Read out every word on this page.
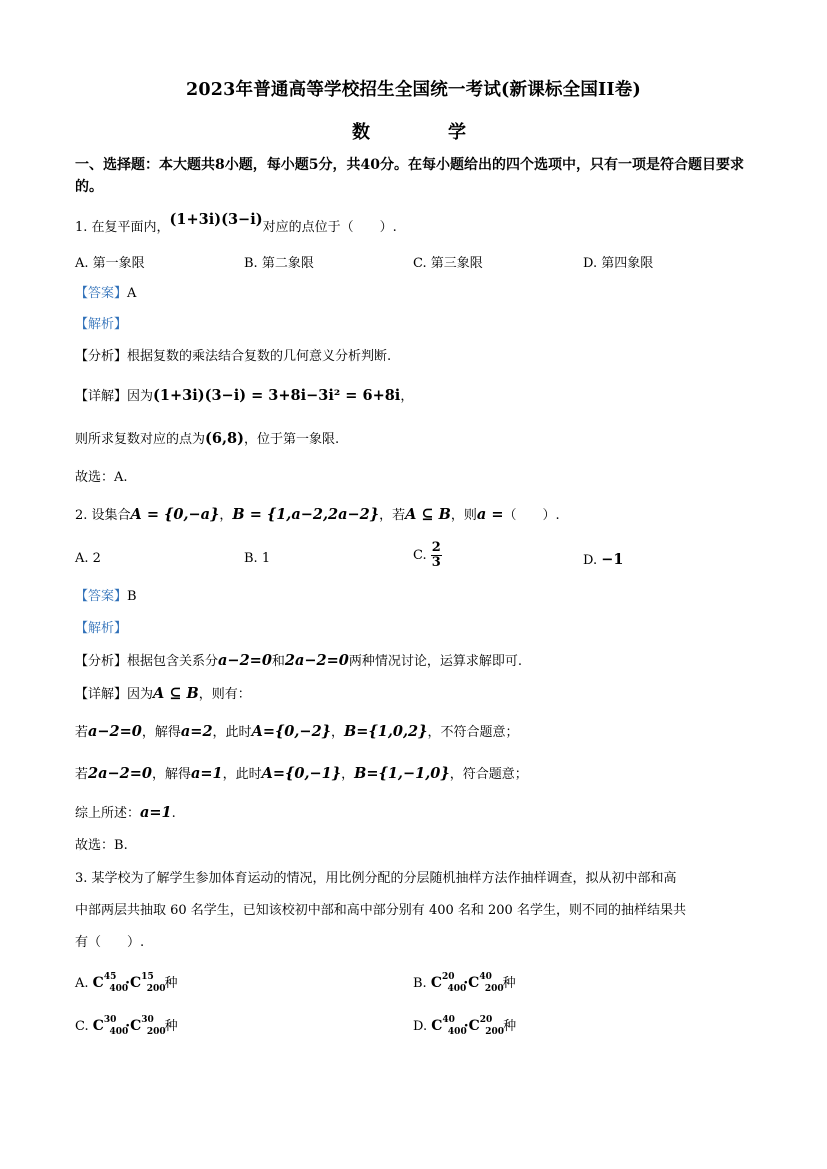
2023年普通高等学校招生全国统一考试(新课标全国II卷)
数	学
一、选择题：本大题共8小题，每小题5分，共40分。在每小题给出的四个选项中，只有一项是符合题目要求的。
1. 在复平面内，(1+3i)(3−i)对应的点位于（　　）.
A. 第一象限	B. 第二象限	C. 第三象限	D. 第四象限
【答案】A
【解析】
【分析】根据复数的乘法结合复数的几何意义分析判断.
【详解】因为(1+3i)(3−i) = 3+8i−3i² = 6+8i，
则所求复数对应的点为(6,8)，位于第一象限.
故选：A.
2. 设集合A = {0,−a}，B = {1,a−2,2a−2}，若A ⊆ B，则a =（　　）.
A. 2	B. 1	C. $\frac{2}{3}$	D. −1
【答案】B
【解析】
【分析】根据包含关系分a−2=0和2a−2=0两种情况讨论，运算求解即可.
【详解】因为A ⊆ B，则有：
若a−2=0，解得a=2，此时A={0,−2}，B={1,0,2}，不符合题意；
若2a−2=0，解得a=1，此时A={0,−1}，B={1,−1,0}，符合题意；
综上所述：a=1.
故选：B.
3. 某学校为了解学生参加体育运动的情况，用比例分配的分层随机抽样方法作抽样调查，拟从初中部和高
中部两层共抽取 60 名学生，已知该校初中部和高中部分别有 400 名和 200 名学生，则不同的抽样结果共
有（　　）.
A. $C^{45}_{400}\cdot C^{15}_{200}$种	B. $C^{20}_{400}\cdot C^{40}_{200}$种
C. $C^{30}_{400}\cdot C^{30}_{200}$种	D. $C^{40}_{400}\cdot C^{20}_{200}$种
